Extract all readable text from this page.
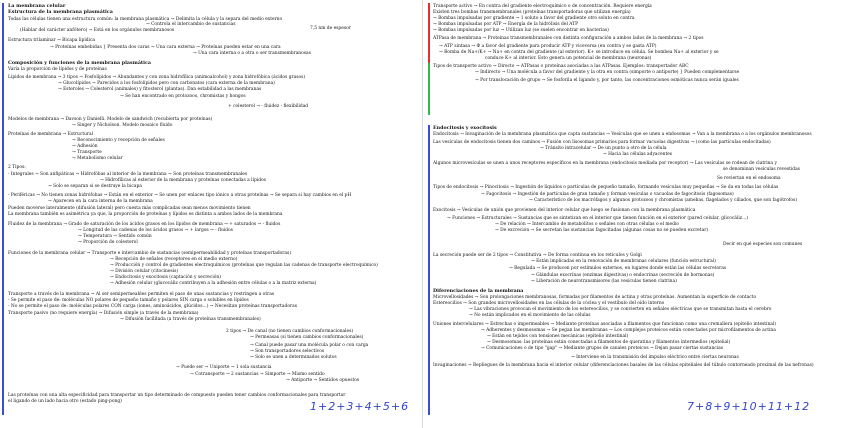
La membrana celular
Estructura de la membrana plasmática
Todas las células tienen una estructura común: la membrana plasmática → Delimita la célula y la separa del medio externo
→ Controla el intercambio de sustancias
(Hablar del carácter anfótero) → Está en los orgánulos membranosos	7,5 nm de espesor
Estructura trilaminar → Bicapa lipídica
→ Proteínas embebidas } Presenta dos caras → Una cara externa → Proteínas pueden estar en una cara
→ Una cara interna o a otra o ser transmembranosas
Composición y funciones de la membrana plasmática
Varía la proporción de lípidos y de proteínas
Lípidos de membrana → 3 tipos → Fosfolípidos → Abundantes y con zona hidrofílica (animoalcohol) y zona hidrofóbica (ácidos grasos)
→ Glucolípidos → Parecidos a los fosfolípidos pero con carbonatos (cara externa de la membrana)
→ Esteroles → Colesterol (animales) y fitosterol (plantas). Dan estabilidad a las membranas
→ Se han encontrado en protozoos, chromistas y hongos
+ colesterol → - fluidez - flexibilidad
Modelos de membrana → Davson y Danielli. Modelo de sandwich (recubierta por proteínas)
→ Singer y Nicholson. Modelo mosaico fluido
Proteínas de membrana → Estructural
→ Reconocimiento y recepción de señales
→ Adhesión
→ Transporte
→ Metabolismo celular
2 Tipos:
- Integrales → Son anfipáticas → Hidrofóbas al interior de la membrana → Son proteínas transmembranales
→ Hidrofílicas al exterior de la membrana y proteínas conectadas a lípidos
→ Solo se separan si se destruye la bicapa
- Periféricas → No tienen zonas hidrófobas → Están en el exterior → Se unen por enlaces tipo iónico a otras proteínas → Se separa si hay cambios en el pH
→ Aparecen en la cara interna de la membrana
Pueden moverse lateralmente (difusión lateral) pero cuesta más complicadas sean menos movimiento tienen
La membrana también es asimétrica ya que, la proporción de proteínas y lípidos es distinta a ambos lados de la membrana
Fluidez de la membrana → Grado de saturación de los ácidos grasos en los lípidos de membrana → + saturados → - fluidos
→ Longitud de las cadenas de los ácidos grasos → + largos → - fluidos
→ Temperatura → Sentido común
→ Proporción de colesterol
Funciones de la membrana celular → Transporte e intercambio de sustancias (semipermeabilidad y proteínas transportadoras)
→ Recepción de señales (receptores en el medio externo)
→ Producción y control de gradientes electroquímicos (proteínas que regulan las cadenas de transporte electroquímico)
→ División celular (citocinesis)
→ Endocitosis y exocitosis (captación y secreción)
→ Adhesión celular (glucocáliz contribuyen a la adhesión entre células o a la matriz externa)
Transporte a través de la membrana → Al ser semipermeables permiten el paso de unas sustancias y restringen a otras
- Se permite el paso de: moléculas NO polares de pequeño tamaño y polares SIN carga o solubles en lípidos
- No se permite el paso de: moléculas polares CON carga (iones, aminoácidos, glúcidos...) → Necesitan proteínas transportadoras
Transporte pasivo (no requiere energía) → Difusión simple (a través de la membrana)
→ Difusión facilitada (a través de proteínas transmembranales)
2 tipos → De canal (no tienen cambios conformacionales)
→ Permeasas (sí tienen cambios conformacionales)
→ Canal puede pasar una molécula polar o con carga
→ Son transportadores selectivos
→ Solo se unen a determinados solutos
→ Puede ser → Uniporte → 1 sola sustancia
→ Cotransporte → 2 sustancias → Simporte → Mismo sentido
→ Antiporte → Sentidos opuestos
Las proteínas con una alta especificidad para transportar un tipo determinado de compuesto pueden tener cambios conformacionales para transportar
el ligando de un lado hacia otro (estado ping-pong)	1+2+3+4+5+6
Transporte activo → En contra del gradiente electroquímico o de concentración. Requiere energía
Existen tres bombas transmembranales (proteínas transportadoras que utilizan energía)
→ Bombas impulsadas por gradiente → 1 soluto a favor del gradiente otro soluto en contra
→ Bombas impulsadas por ATP → Energía de la hidrólisis del ATP
→ Bombas impulsadas por luz → Utilizan luz (se suelen encontrar en bacterias)
ATPasa de membrana → Proteínas transmembranales con distinta configuración a ambos lados de la membrana → 2 tipos
→ ATP sintasa → Φ a favor del gradiente para producir ATP y viceversa (en contra y se gasta ATP)
→ Bomba de Na+/K+ → Na+ en contra del gradiente (al exterior). K+ se introduce en célula. Se bombea Na+ al exterior y se
conduce K+ al interior. Esto genera un potencial de membrana (neuronas)
Tipos de transporte activo → Directo → ATPasas o proteínas asociadas a las ATPasas. Ejemplos: transportador ABC
→ Indirecto → Una molécula a favor del gradiente y la otra en contra (simporte o antiporte) } Pueden complementarse
→ Por translocación de grupo → Se fosforila el ligando y, por tanto, las concentraciones osmóticas nunca serán iguales
Endocitosis y exocitosis
Endocitosis → Invaginación de la membrana plasmática que capta sustancias → Vesículas que se unen a endosomas → Van a la membrana o a los orgánulos membranosos
Las vesículas de endocitosis tienen dos caminos → Fusión con lisosomas primarios para formar vacuolas digestivas → (como las partículas endocitadas)
→ Tránsito intracelular → De un punto a otro de la célula
→ Hacia las células adyacentes
Algunos microvesículas se unen a unos receptores específicos en la membrana (endocitosis mediada por receptor) → Las vesículas se rodean de clatrina y
se denominan vesículas revestidas
Se reviertan en el endosoma
Tipos de endocitosis → Pinocitosis → Ingestión de líquidos o partículas de pequeño tamaño, formando vesículas muy pequeñas → Se da en todas las células
→ Fagocitosis → Ingestión de partículas de gran tamaño y forman vesículas o vacuolas de fagocitosis (fagosomas)
→ Característico de los macrófagos y algunos protozoos y chromistas (amebas, flagelados y ciliados, que son fagótrofos)
Exocitosis → Vesículas de unión que provienen del interior celular que luego se fusionan con la membrana plasmática
→ Funciones → Estructurales → Sustancias que se sintetizan en el interior que tienen función en el exterior (pared celular, glicocáliz...)
→ De relación → Intercambio de metabolitos o señales con otras células o el medio
→ De excreción → Se secretan las sustancias fagocitadas (algunas cosas no se pueden excretar)
Decir en qué especies son comunes
La secreción puede ser de 2 tipos → Constitutiva → De forma continua en los retículos y Golgi
→ Están implicadas en la renovación de membranas celulares (función estructural)
→ Regulada → Se producen por estímulos externos, en lugares donde están las células secretoras
→ Glándulas exocrinas (enzimas digestivas) o endocrinas (secreción de hormonas)
→ Liberación de neurotransmisores (las vesículas tienen clatrina)
Diferenciaciones de la membrana
Microvellosidades → Son prolongaciones membranosas, formadas por filamentos de actina y otras proteínas. Aumentan la superficie de contacto
Estereocilios → Son grandes microvellosidades en las células de la cóclea y el vestíbulo del oído interno
→ Las vibraciones provocan el movimiento de los estereocilios, y se convierten en señales eléctricas que se transmitan hasta el cerebro
→ No están implicados en el movimiento de las células
Uniones intercelulares → Estrechas o impermeables → Mediante proteínas asociadas a filamentos que funcionan como una cremallera (epitelio intestinal)
→ Adherentes y desmosomas → Se pegan las membranas → Los complejos proteicos están conectados por microfilamentos de actina
→ Están en tejidos con tensiones mecánicas (epitelio intestinal)
→ Desmosomas: las proteínas están conectadas a filamentos de queratina y filamentos intermedios (epitelial)
→ Comunicaciones o de tipo "gap" → Mediante grupos de canales proteicos → Dejan pasar ciertas sustancias
→ Interviene en la transmisión del impulso eléctrico entre ciertas neuronas
Invaginaciones → Repliegues de la membrana hacia el interior celular (diferenciaciones basales de las células epiteliales del túbulo contorneado proximal de las nefronas)
7+8+9+10+11+12
